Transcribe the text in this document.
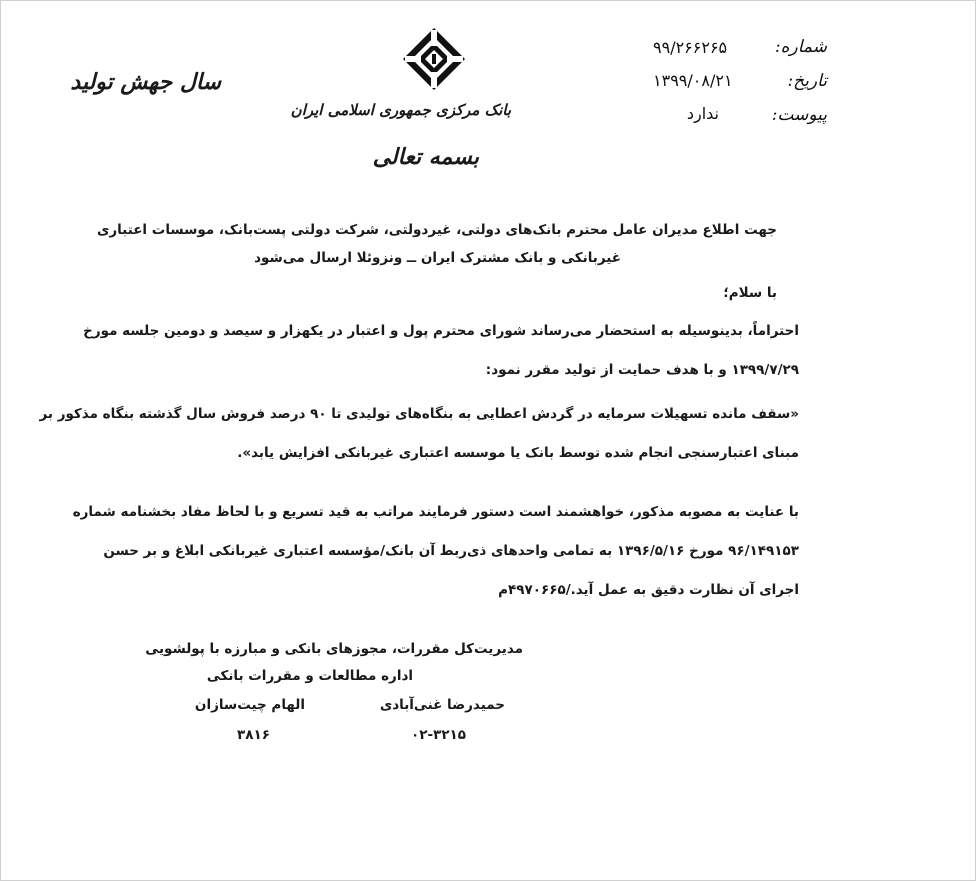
شماره:
۹۹/۲۶۶۲۶۵
تاریخ:
۱۳۹۹/۰۸/۲۱
پیوست:
ندارد
بانک مرکزی جمهوری اسلامی ایران
بسمه تعالی
سال جهش تولید
جهت اطلاع مدیران عامل محترم بانک‌های دولتی، غیردولتی، شرکت دولتی پست‌بانک، موسسات اعتباری
غیربانکی و بانک مشترک ایران ــ ونزوئلا ارسال می‌شود
با سلام؛
احتراماً، بدینوسیله به استحضار می‌رساند شورای محترم پول و اعتبار در یکهزار و سیصد و دومین جلسه مورخ
۱۳۹۹/۷/۲۹ و با هدف حمایت از تولید مقرر نمود:
«سقف مانده تسهیلات سرمایه در گردش اعطایی به بنگاه‌های تولیدی تا ۹۰ درصد فروش سال گذشته بنگاه مذکور بر
مبنای اعتبارسنجی انجام شده توسط بانک یا موسسه اعتباری غیربانکی افزایش یابد».
با عنایت به مصوبه مذکور، خواهشمند است دستور فرمایند مراتب به قید تسریع و با لحاظ مفاد بخشنامه شماره
۹۶/۱۴۹۱۵۳ مورخ ۱۳۹۶/۵/۱۶ به تمامی واحدهای ذی‌ربط آن بانک/مؤسسه اعتباری غیربانکی ابلاغ و بر حسن
اجرای آن نظارت دقیق به عمل آید./۴۹۷۰۶۶۵م
مدیریت‌کل مقررات، مجوزهای بانکی و مبارزه با پولشویی
اداره مطالعات و مقررات بانکی
حمیدرضا غنی‌آبادی
الهام چیت‌سازان
۰۲-۳۲۱۵
۳۸۱۶
